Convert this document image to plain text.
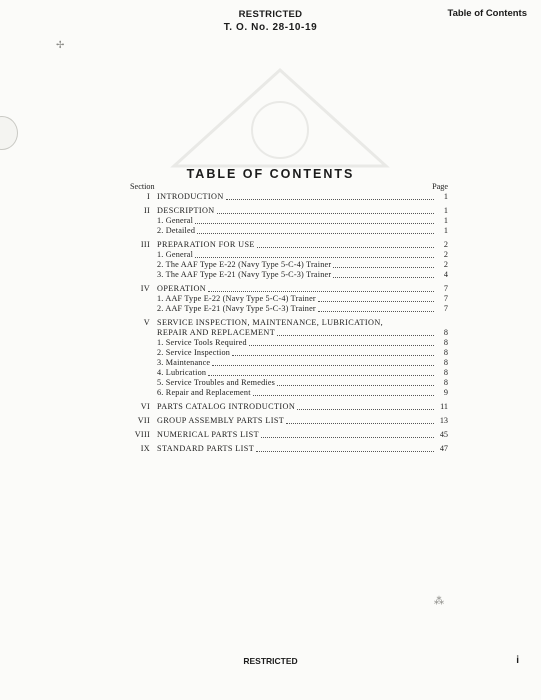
✢
⁂
RESTRICTED
T. O. No. 28-10-19
Table of Contents
TABLE OF CONTENTS
Section	Page
I INTRODUCTION	1
II DESCRIPTION	1
1. General	1
2. Detailed	1
III PREPARATION FOR USE	2
1. General	2
2. The AAF Type E-22 (Navy Type 5-C-4) Trainer	2
3. The AAF Type E-21 (Navy Type 5-C-3) Trainer	4
IV OPERATION	7
1. AAF Type E-22 (Navy Type 5-C-4) Trainer	7
2. AAF Type E-21 (Navy Type 5-C-3) Trainer	7
V SERVICE INSPECTION, MAINTENANCE, LUBRICATION,
REPAIR AND REPLACEMENT	8
1. Service Tools Required	8
2. Service Inspection	8
3. Maintenance	8
4. Lubrication	8
5. Service Troubles and Remedies	8
6. Repair and Replacement	9
VI PARTS CATALOG INTRODUCTION	11
VII GROUP ASSEMBLY PARTS LIST	13
VIII NUMERICAL PARTS LIST	45
IX STANDARD PARTS LIST	47
RESTRICTED	i
